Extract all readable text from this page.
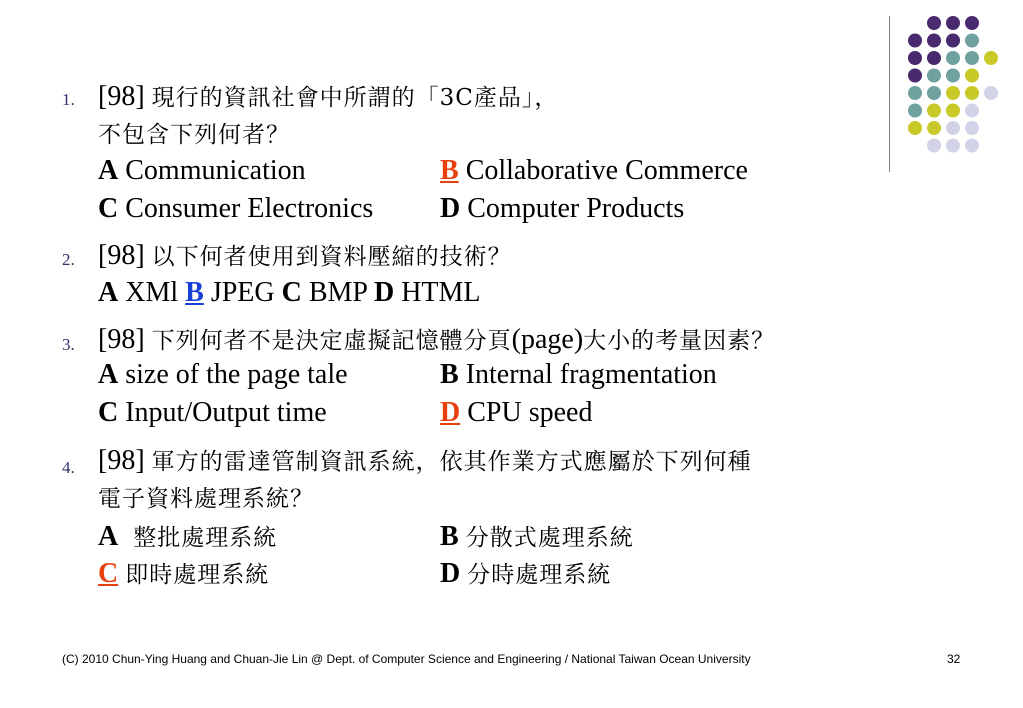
1. [98] 現行的資訊社會中所謂的「3C產品」，
不包含下列何者？
A Communication	B Collaborative Commerce
C Consumer Electronics D Computer Products
2. [98] 以下何者使用到資料壓縮的技術？
A XMl B JPEG C BMP D HTML
3. [98] 下列何者不是決定虛擬記憶體分頁(page)大小的考量因素？
A size of the page tale	B Internal fragmentation
C Input/Output time	D CPU speed
4. [98] 軍方的雷達管制資訊系統，依其作業方式應屬於下列何種
電子資料處理系統？
A 整批處理系統	B 分散式處理系統
C 即時處理系統	D 分時處理系統
(C) 2010 Chun-Ying Huang and Chuan-Jie Lin @ Dept. of Computer Science and Engineering / National Taiwan Ocean University	32
